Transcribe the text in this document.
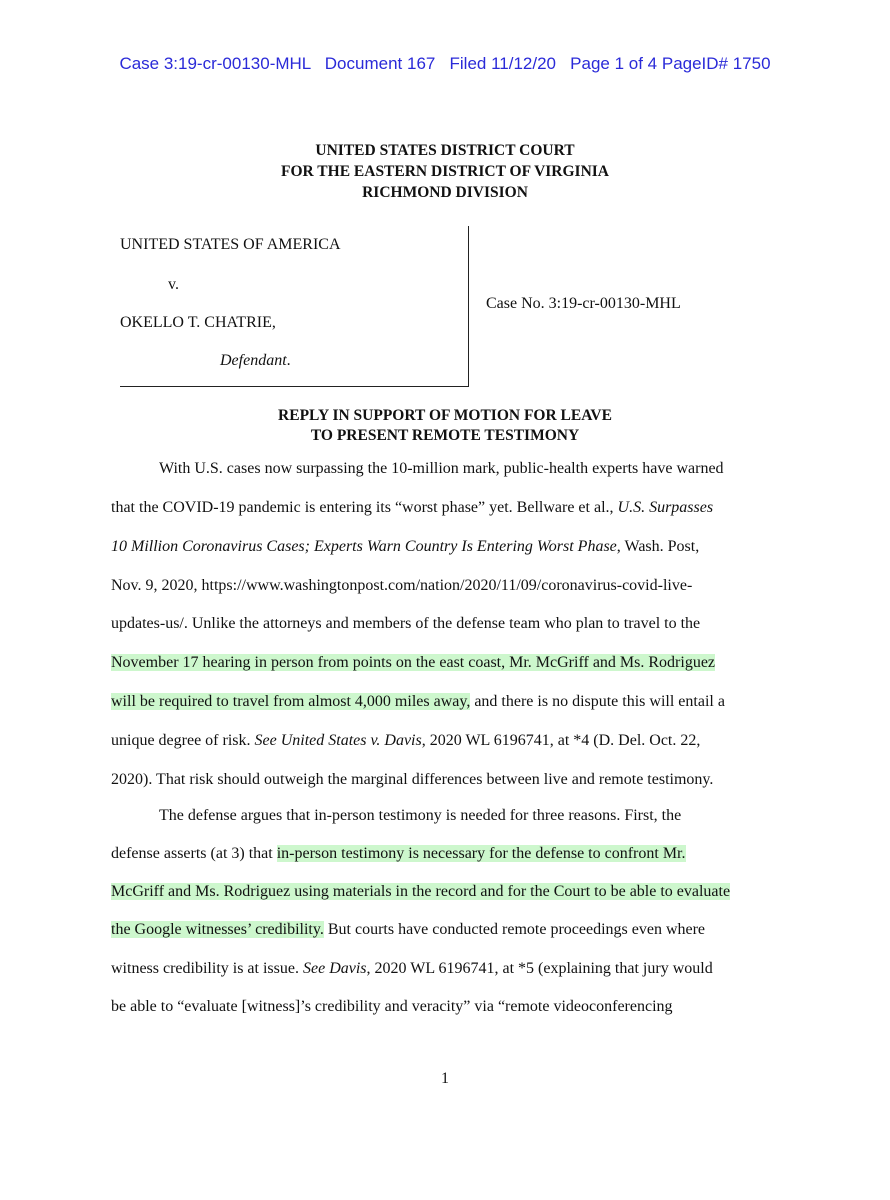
Case 3:19-cr-00130-MHL   Document 167   Filed 11/12/20   Page 1 of 4 PageID# 1750
UNITED STATES DISTRICT COURT
FOR THE EASTERN DISTRICT OF VIRGINIA
RICHMOND DIVISION
UNITED STATES OF AMERICA
v.
OKELLO T. CHATRIE,
Defendant.
Case No. 3:19-cr-00130-MHL
REPLY IN SUPPORT OF MOTION FOR LEAVE
TO PRESENT REMOTE TESTIMONY
With U.S. cases now surpassing the 10-million mark, public-health experts have warned
that the COVID-19 pandemic is entering its “worst phase” yet. Bellware et al., U.S. Surpasses
10 Million Coronavirus Cases; Experts Warn Country Is Entering Worst Phase, Wash. Post,
Nov. 9, 2020, https://www.washingtonpost.com/nation/2020/11/09/coronavirus-covid-live-
updates-us/. Unlike the attorneys and members of the defense team who plan to travel to the
November 17 hearing in person from points on the east coast, Mr. McGriff and Ms. Rodriguez
will be required to travel from almost 4,000 miles away, and there is no dispute this will entail a
unique degree of risk. See United States v. Davis, 2020 WL 6196741, at *4 (D. Del. Oct. 22,
2020). That risk should outweigh the marginal differences between live and remote testimony.
The defense argues that in-person testimony is needed for three reasons. First, the
defense asserts (at 3) that in-person testimony is necessary for the defense to confront Mr.
McGriff and Ms. Rodriguez using materials in the record and for the Court to be able to evaluate
the Google witnesses’ credibility. But courts have conducted remote proceedings even where
witness credibility is at issue. See Davis, 2020 WL 6196741, at *5 (explaining that jury would
be able to “evaluate [witness]’s credibility and veracity” via “remote videoconferencing
1
